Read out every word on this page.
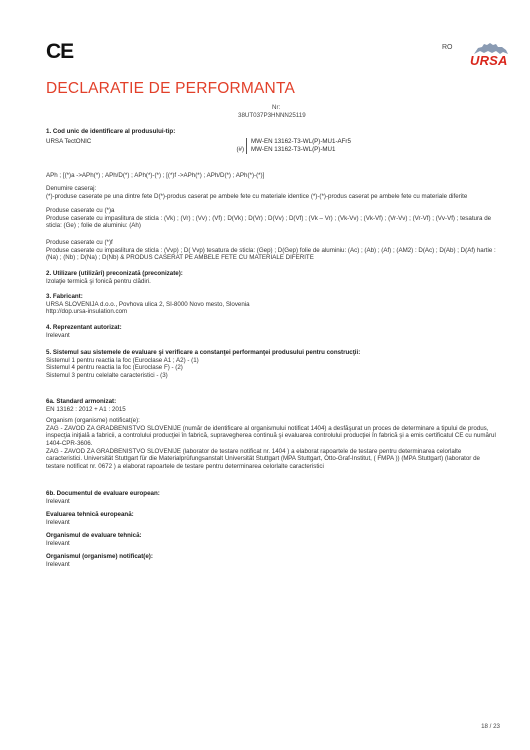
CE	RO
URSA
DECLARATIE DE PERFORMANTA
Nr:
38UT037P3HNNN25119
1. Cod unic de identificare al produsului-tip:
URSA TectONIC	MW-EN 13162-T3-WL(P)-MU1-AFr5
(#) MW-EN 13162-T3-WL(P)-MU1
APh ; [(*)a ->APh(*) ; APh/D(*) ; APh(*)-(*) ; [(*)f ->APh(*) ; APh/D(*) ; APh(*)-(*)]

Denumire caseraj:

(*)-produse caserate pe una dintre fete D(*)-produs caserat pe ambele fete cu materiale identice (*)-(*)-produs caserat pe ambele fete cu materiale diferite

Produse caserate cu (*)a

Produse caserate cu impaslitura de sticla : (Vk) ; (Vr) ; (Vv) ; (Vf) ; D(Vk) ; D(Vr) ; D(Vv) ; D(Vf) ; (Vk – Vr) ; (Vk-Vv) ; (Vk-Vf) ; (Vr-Vv) ; (Vr-Vf) ; (Vv-Vf) ; tesatura de sticla: (Ge) ; folie de aluminiu: (Ah)

Produse caserate cu (*)f

Produse caserate cu impaslitura de sticla : (Vvp) ; D( Vvp) tesatura de sticla: (Gep) ; D(Gep) folie de aluminiu: (Ac) ; (Ab) ; (Af) ; (AM2) : D(Ac) ; D(Ab) ; D(Af) hartie :(Na) ; (Nb) ; D(Na) ; D(Nb) & PRODUS CASERAT PE AMBELE FETE CU MATERIALE DIFERITE

2. Utilizare (utilizări) preconizată (preconizate):

Izolaţie termică şi fonică pentru clădiri.

3. Fabricant:

URSA SLOVENIJA d.o.o., Povhova ulica 2, SI-8000 Novo mesto, Slovenia

http://dop.ursa-insulation.com

4. Reprezentant autorizat:

Irelevant

5. Sistemul sau sistemele de evaluare şi verificare a constanţei performanţei produsului pentru construcţii:

Sistemul 1 pentru reactia la foc (Euroclase A1 ; A2) - (1)

Sistemul 4 pentru reactia la foc (Euroclase F) - (2)

Sistemul 3 pentru celelalte caracteristici - (3)

6a. Standard armonizat:

EN 13162 : 2012 + A1 : 2015

Organism (organisme) notificat(e):

ZAG - ZAVOD ZA GRADBENISTVO SLOVENIJE (număr de identificare al organismului notificat 1404) a desfăşurat un proces de determinare a tipului de produs, inspecţia iniţială a fabricii, a controlului producţiei în fabrică, supravegherea continuă şi evaluarea controlului producţiei în fabrică şi a emis certificatul CE cu numărul 1404-CPR-3606.

ZAG - ZAVOD ZA GRADBENISTVO SLOVENIJE (laborator de testare notificat nr. 1404 ) a elaborat rapoartele de testare pentru determinarea celorlalte caracteristici. Universität Stuttgart für die Materialprüfungsanstalt Universität Stuttgart (MPA Stuttgart, Otto-Graf-Institut, ( FMPA )) (MPA Stuttgart) (laborator de testare notificat nr. 0672 ) a elaborat rapoartele de testare pentru determinarea celorlalte caracteristici

6b. Documentul de evaluare european:

Irelevant

Evaluarea tehnică europeană:

Irelevant

Organismul de evaluare tehnică:

Irelevant

Organismul (organisme) notificat(e):

Irelevant

18 / 23
